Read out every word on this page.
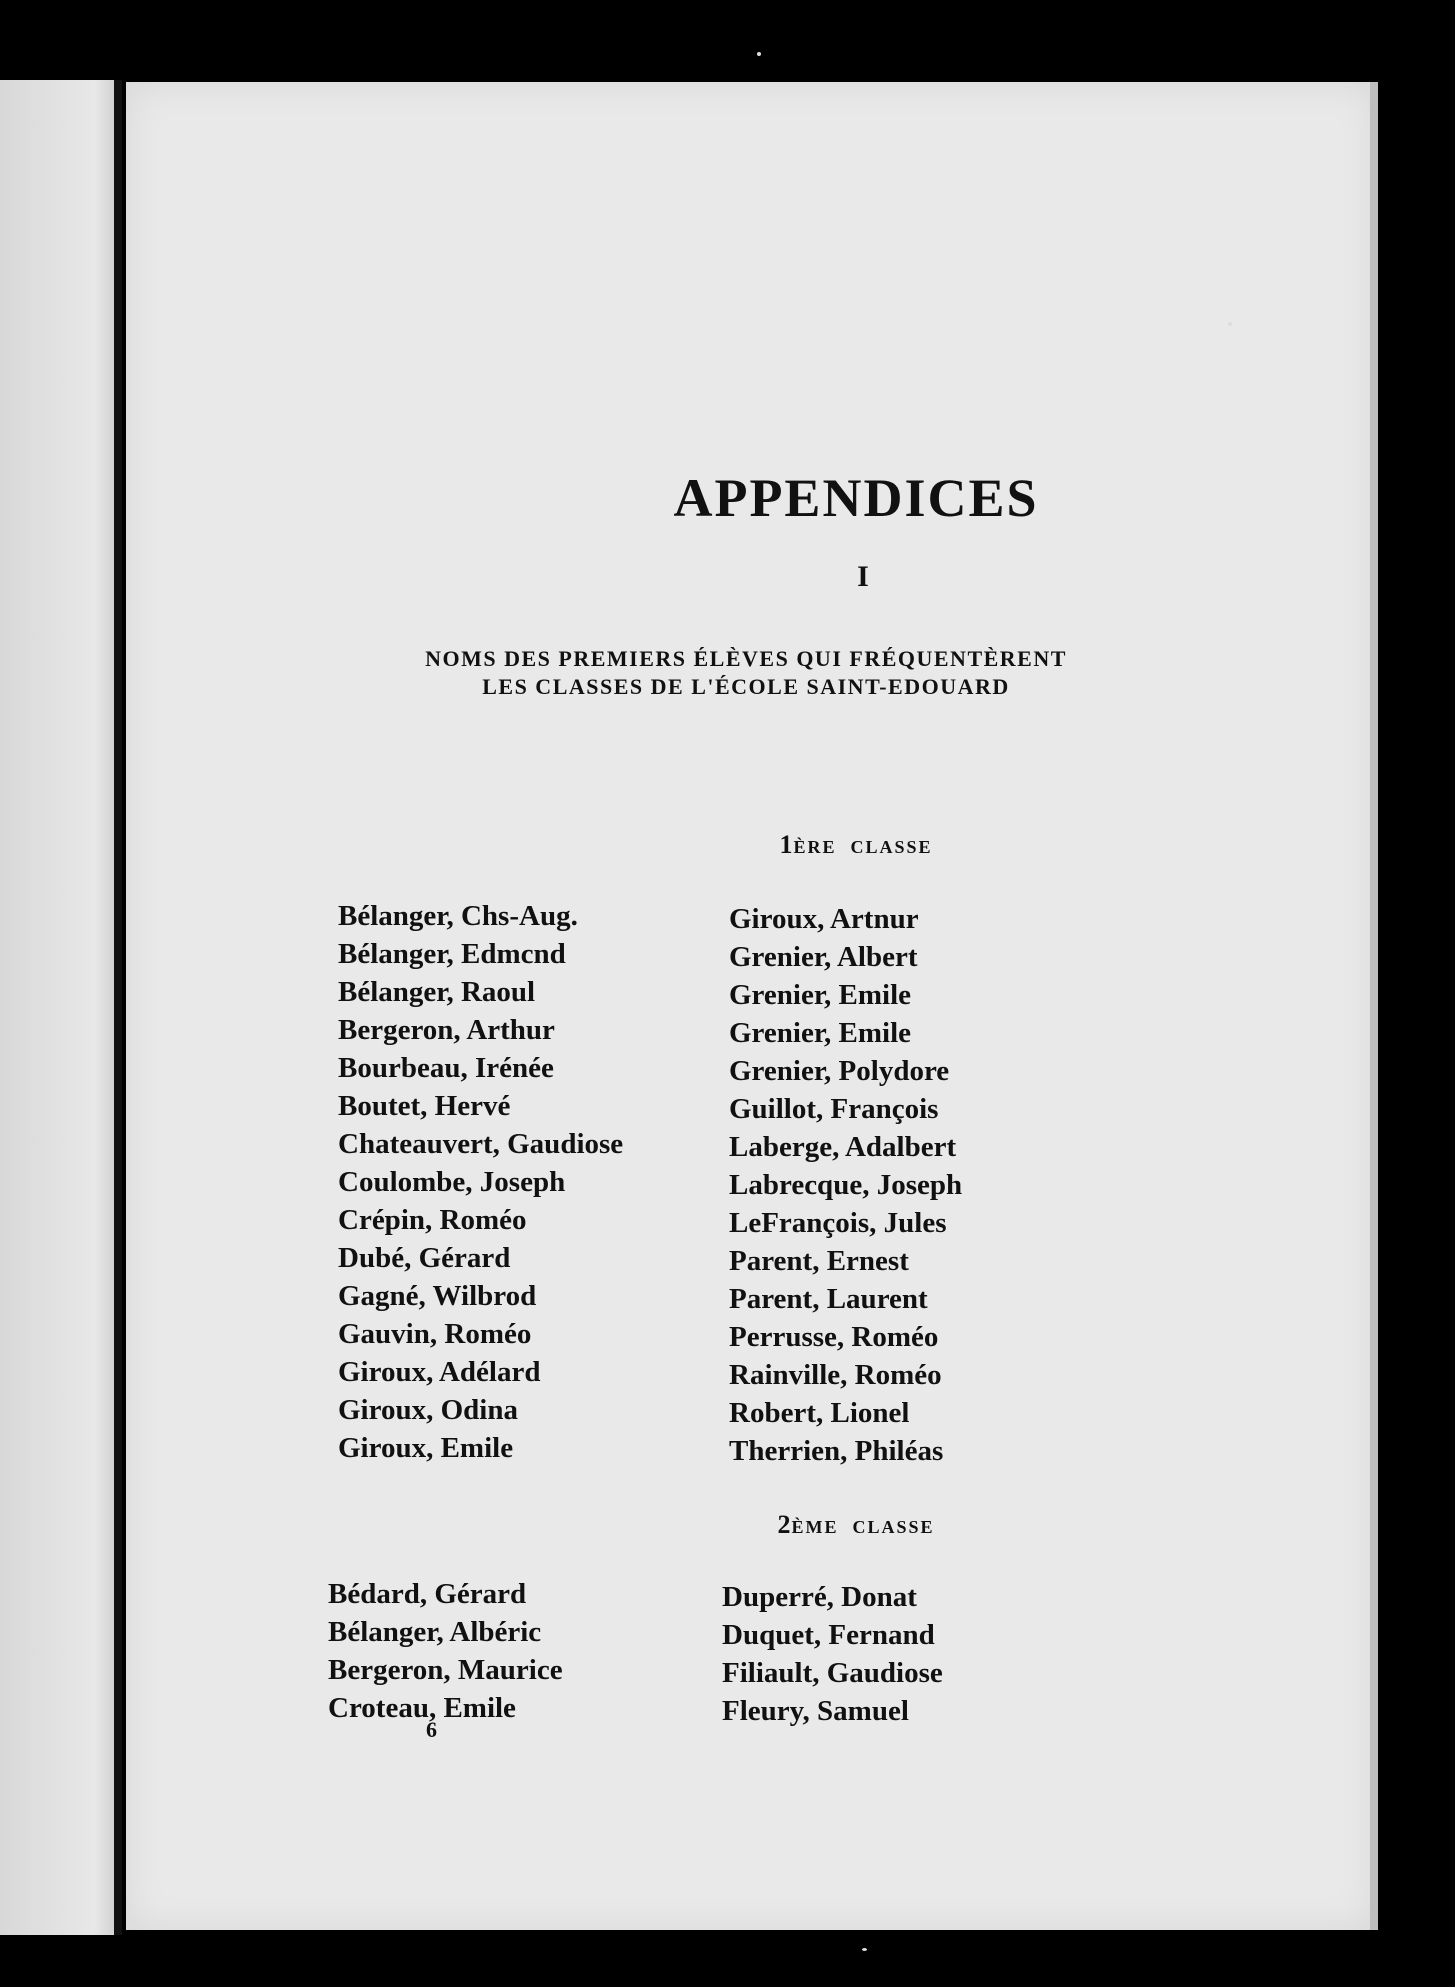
APPENDICES
I
NOMS DES PREMIERS ÉLÈVES QUI FRÉQUENTÈRENT
LES CLASSES DE L'ÉCOLE SAINT-EDOUARD
1ÈRE CLASSE
Bélanger, Chs-Aug.
Bélanger, Edmcnd
Bélanger, Raoul
Bergeron, Arthur
Bourbeau, Irénée
Boutet, Hervé
Chateauvert, Gaudiose
Coulombe, Joseph
Crépin, Roméo
Dubé, Gérard
Gagné, Wilbrod
Gauvin, Roméo
Giroux, Adélard
Giroux, Odina
Giroux, Emile
Giroux, Artnur
Grenier, Albert
Grenier, Emile
Grenier, Emile
Grenier, Polydore
Guillot, François
Laberge, Adalbert
Labrecque, Joseph
LeFrançois, Jules
Parent, Ernest
Parent, Laurent
Perrusse, Roméo
Rainville, Roméo
Robert, Lionel
Therrien, Philéas
2ÈME CLASSE
Bédard, Gérard
Bélanger, Albéric
Bergeron, Maurice
Croteau, Emile
Duperré, Donat
Duquet, Fernand
Filiault, Gaudiose
Fleury, Samuel
6
